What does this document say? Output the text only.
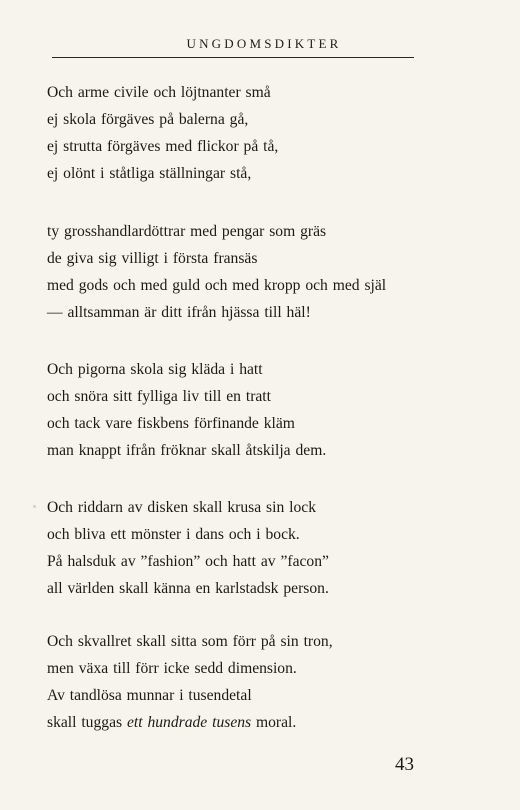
UNGDOMSDIKTER
Och arme civile och löjtnanter små
ej skola förgäves på balerna gå,
ej strutta förgäves med flickor på tå,
ej olönt i ståtliga ställningar stå,
ty grosshandlardöttrar med pengar som gräs
de giva sig villigt i första fransäs
med gods och med guld och med kropp och med själ
— alltsamman är ditt ifrån hjässa till häl!
Och pigorna skola sig kläda i hatt
och snöra sitt fylliga liv till en tratt
och tack vare fiskbens förfinande kläm
man knappt ifrån fröknar skall åtskilja dem.
Och riddarn av disken skall krusa sin lock
och bliva ett mönster i dans och i bock.
På halsduk av ”fashion” och hatt av ”facon”
all världen skall känna en karlstadsk person.
Och skvallret skall sitta som förr på sin tron,
men växa till förr icke sedd dimension.
Av tandlösa munnar i tusendetal
skall tuggas ett hundrade tusens moral.
43
